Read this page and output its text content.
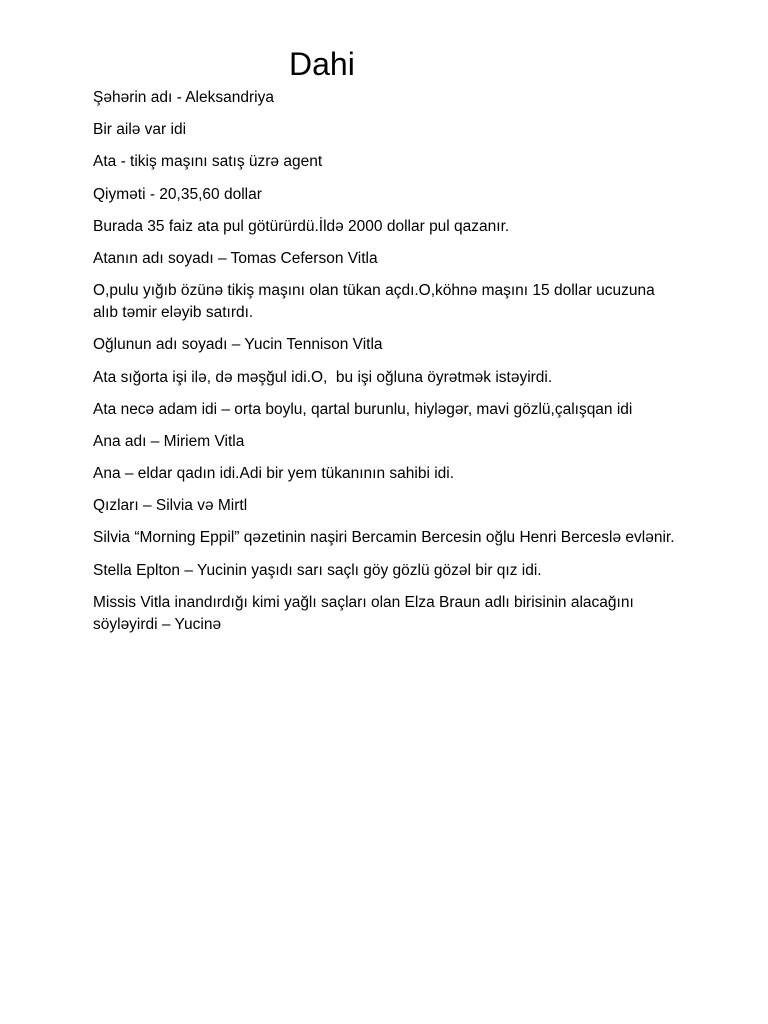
Dahi

Şəhərin adı - Aleksandriya

Bir ailə var idi

Ata - tikiş maşını satış üzrə agent

Qiyməti - 20,35,60 dollar

Burada 35 faiz ata pul götürürdü.İldə 2000 dollar pul qazanır.

Atanın adı soyadı – Tomas Ceferson Vitla

O,pulu yığıb özünə tikiş maşını olan tükan açdı.O,köhnə maşını 15 dollar ucuzuna alıb təmir eləyib satırdı.

Oğlunun adı soyadı – Yucin Tennison Vitla

Ata sığorta işi ilə, də məşğul idi.O,  bu işi oğluna öyrətmək istəyirdi.

Ata necə adam idi – orta boylu, qartal burunlu, hiyləgər, mavi gözlü,çalışqan idi

Ana adı – Miriem Vitla

Ana – eldar qadın idi.Adi bir yem tükanının sahibi idi.

Qızları – Silvia və Mirtl

Silvia “Morning Eppil” qəzetinin naşiri Bercamin Bercesin oğlu Henri Berceslə evlənir.

Stella Eplton – Yucinin yaşıdı sarı saçlı göy gözlü gözəl bir qız idi.

Missis Vitla inandırdığı kimi yağlı saçları olan Elza Braun adlı birisinin alacağını söyləyirdi – Yucinə
